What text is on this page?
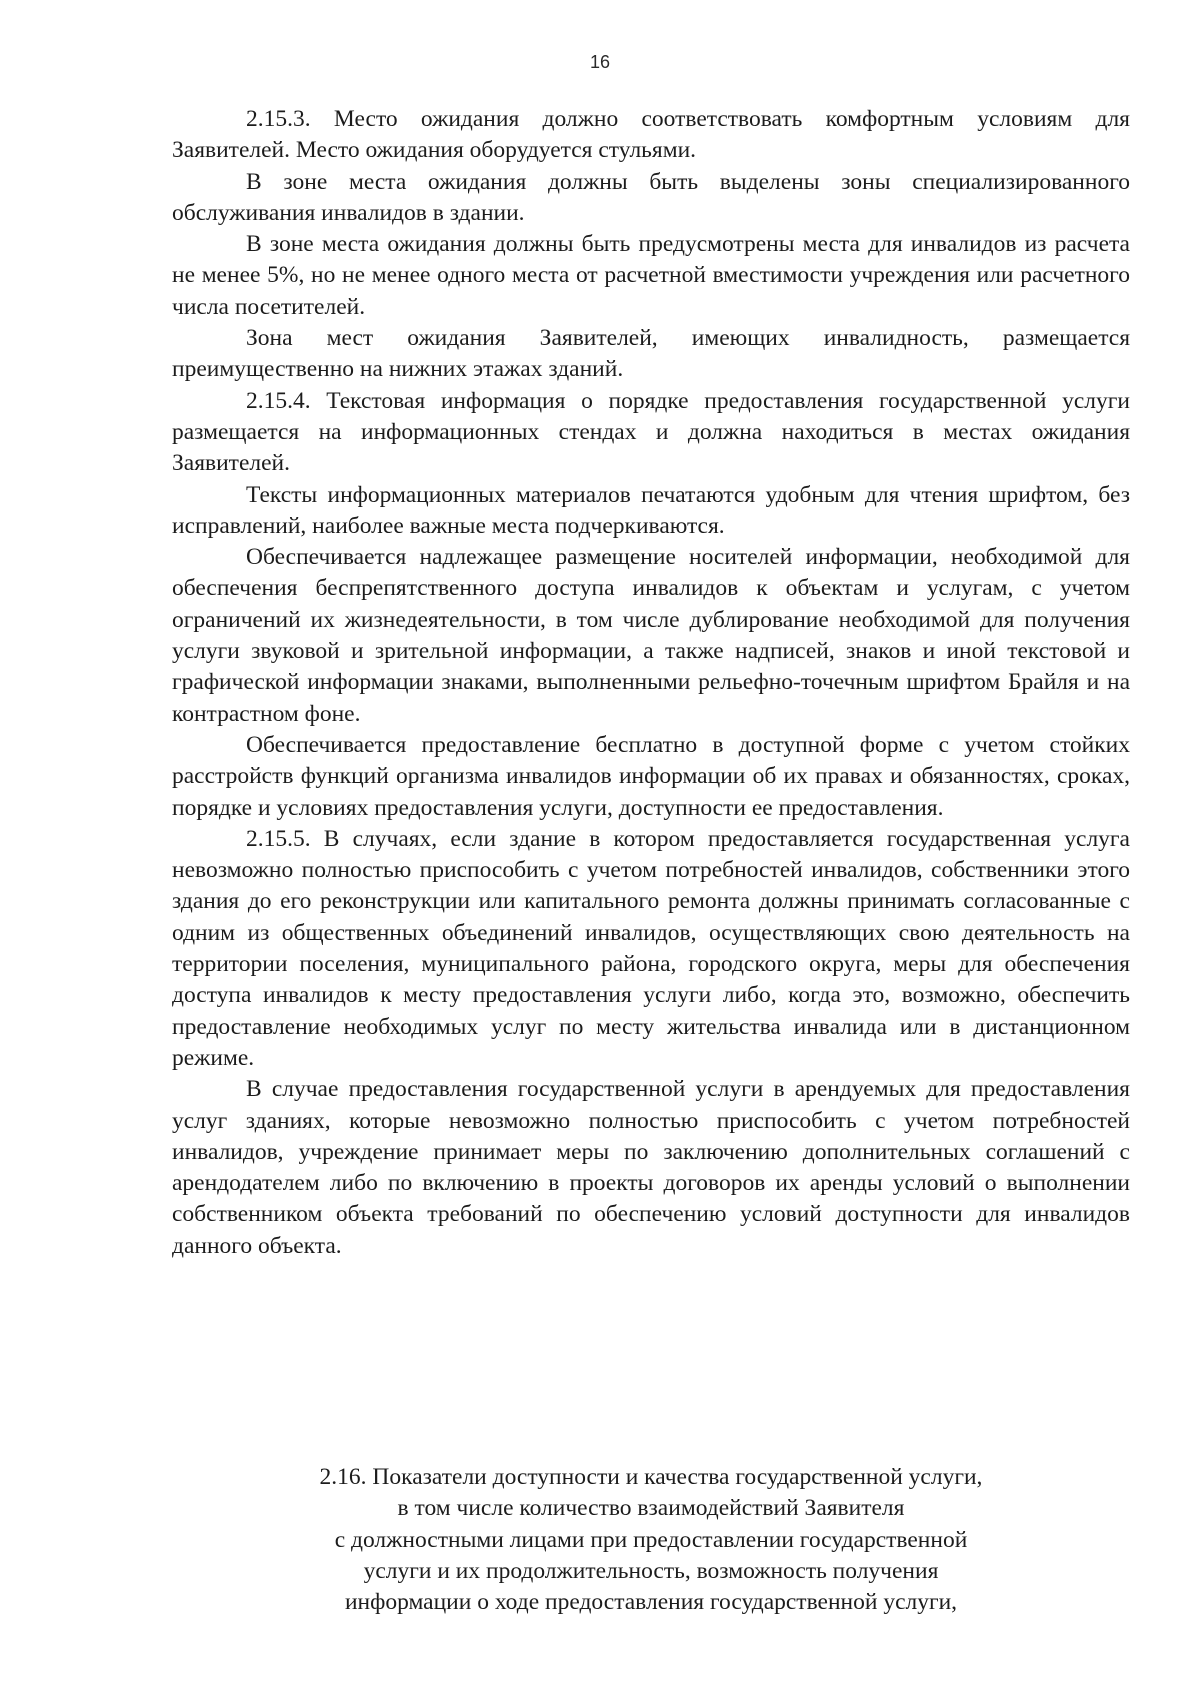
16

2.15.3. Место ожидания должно соответствовать комфортным условиям для Заявителей. Место ожидания оборудуется стульями.

В зоне места ожидания должны быть выделены зоны специализированного обслуживания инвалидов в здании.

В зоне места ожидания должны быть предусмотрены места для инвалидов из расчета не менее 5%, но не менее одного места от расчетной вместимости учреждения или расчетного числа посетителей.

Зона мест ожидания Заявителей, имеющих инвалидность, размещается преимущественно на нижних этажах зданий.

2.15.4. Текстовая информация о порядке предоставления государственной услуги размещается на информационных стендах и должна находиться в местах ожидания Заявителей.

Тексты информационных материалов печатаются удобным для чтения шрифтом, без исправлений, наиболее важные места подчеркиваются.

Обеспечивается надлежащее размещение носителей информации, необходимой для обеспечения беспрепятственного доступа инвалидов к объектам и услугам, с учетом ограничений их жизнедеятельности, в том числе дублирование необходимой для получения услуги звуковой и зрительной информации, а также надписей, знаков и иной текстовой и графической информации знаками, выполненными рельефно-точечным шрифтом Брайля и на контрастном фоне.

Обеспечивается предоставление бесплатно в доступной форме с учетом стойких расстройств функций организма инвалидов информации об их правах и обязанностях, сроках, порядке и условиях предоставления услуги, доступности ее предоставления.

2.15.5. В случаях, если здание в котором предоставляется государственная услуга невозможно полностью приспособить с учетом потребностей инвалидов, собственники этого здания до его реконструкции или капитального ремонта должны принимать согласованные с одним из общественных объединений инвалидов, осуществляющих свою деятельность на территории поселения, муниципального района, городского округа, меры для обеспечения доступа инвалидов к месту предоставления услуги либо, когда это, возможно, обеспечить предоставление необходимых услуг по месту жительства инвалида или в дистанционном режиме.

В случае предоставления государственной услуги в арендуемых для предоставления услуг зданиях, которые невозможно полностью приспособить с учетом потребностей инвалидов, учреждение принимает меры по заключению дополнительных соглашений с арендодателем либо по включению в проекты договоров их аренды условий о выполнении собственником объекта требований по обеспечению условий доступности для инвалидов данного объекта.

2.16. Показатели доступности и качества государственной услуги,
в том числе количество взаимодействий Заявителя
с должностными лицами при предоставлении государственной
услуги и их продолжительность, возможность получения
информации о ходе предоставления государственной услуги,
